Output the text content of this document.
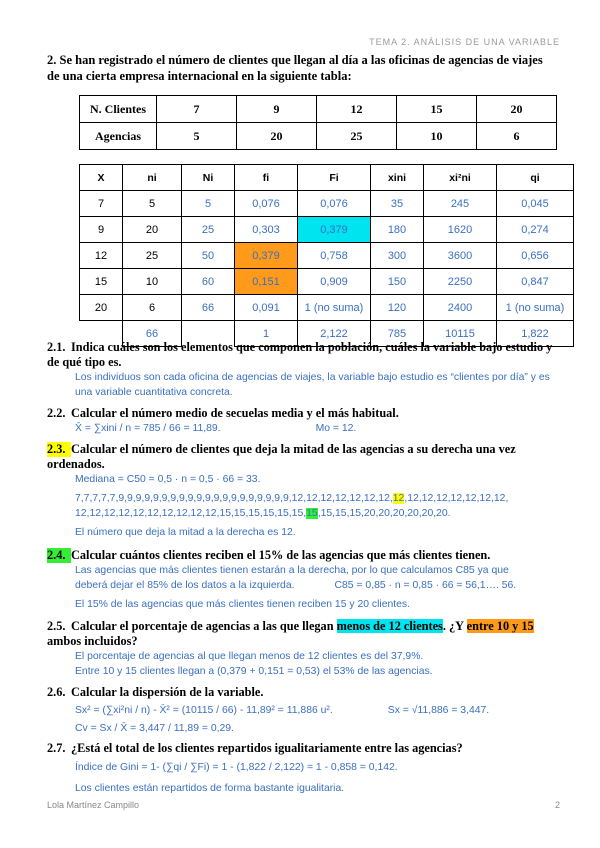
TEMA 2. ANÁLISIS DE UNA VARIABLE
2. Se han registrado el número de clientes que llegan al día a las oficinas de agencias de viajes de una cierta empresa internacional en la siguiente tabla:
N. Clientes	7	9	12	15	20
Agencias	5	20	25	10	6
X	ni	Ni	fi	Fi	xini	xi²ni	qi
7	5	5	0,076	0,076	35	245	0,045
9	20	25	0,303	0,379	180	1620	0,274
12	25	50	0,379	0,758	300	3600	0,656
15	10	60	0,151	0,909	150	2250	0,847
20	6	66	0,091	1 (no suma)	120	2400	1 (no suma)
	66		1	2,122	785	10115	1,822
2.1. Indica cuáles son los elementos que componen la población, cuáles la variable bajo estudio y de qué tipo es.
Los individuos son cada oficina de agencias de viajes, la variable bajo estudio es “clientes por día” y es una variable cuantitativa concreta.
2.2. Calcular el número medio de secuelas media y el más habitual.
X̄ = ∑xini / n = 785 / 66 = 11,89.	Mo = 12.
2.3. Calcular el número de clientes que deja la mitad de las agencias a su derecha una vez ordenados.
Mediana = C50 = 0,5 · n = 0,5 · 66 = 33.
7,7,7,7,7,9,9,9,9,9,9,9,9,9,9,9,9,9,9,9,9,9,9,9,9,12,12,12,12,12,12,12,12,12,12,12,12,12,12,12,
12,12,12,12,12,12,12,12,12,12,15,15,15,15,15,15,15,15,15,15,20,20,20,20,20,20.
El número que deja la mitad a la derecha es 12.
2.4. Calcular cuántos clientes reciben el 15% de las agencias que más clientes tienen.
Las agencias que más clientes tienen estarán a la derecha, por lo que calculamos C85 ya que
deberá dejar el 85% de los datos a la izquierda.	C85 = 0,85 · n = 0,85 · 66 = 56,1…. 56.
El 15% de las agencias que más clientes tienen reciben 15 y 20 clientes.
2.5. Calcular el porcentaje de agencias a las que llegan menos de 12 clientes. ¿Y entre 10 y 15 ambos incluidos?
El porcentaje de agencias al que llegan menos de 12 clientes es del 37,9%.
Entre 10 y 15 clientes llegan a (0,379 + 0,151 = 0,53) el 53% de las agencias.
2.6. Calcular la dispersión de la variable.
Sx² = (∑xi²ni / n) - X̄² = (10115 / 66) - 11,89² = 11,886 u².	Sx = √11,886 = 3,447.
Cv = Sx / X̄ = 3,447 / 11,89 = 0,29.
2.7. ¿Está el total de los clientes repartidos igualitariamente entre las agencias?
Índice de Gini = 1- (∑qi / ∑Fi) = 1 - (1,822 / 2,122) = 1 - 0,858 = 0,142.
Los clientes están repartidos de forma bastante igualitaria.
Lola Martínez Campillo	2
